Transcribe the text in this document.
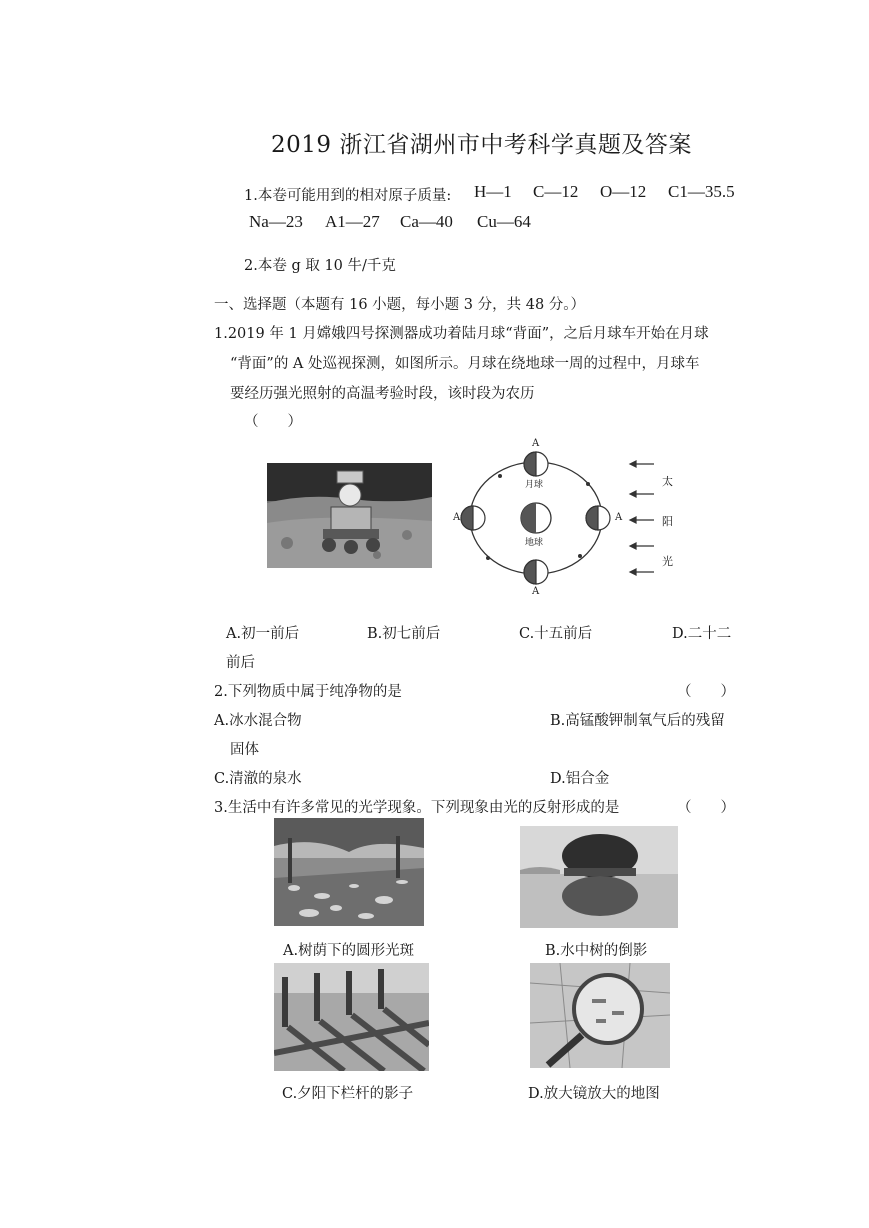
2019 浙江省湖州市中考科学真题及答案
1.本卷可能用到的相对原子质量: H—1 C—12 O—12 C1—35.5
Na—23 A1—27 Ca—40 Cu—64
2.本卷 g 取 10 牛/千克
一、选择题（本题有 16 小题，每小题 3 分，共 48 分。）
1.2019 年 1 月嫦娥四号探测器成功着陆月球“背面”，之后月球车开始在月球
“背面”的 A 处巡视探测，如图所示。月球在绕地球一周的过程中，月球车
要经历强光照射的高温考验时段，该时段为农历
（　　）
A
A
A	A
月球
地球
太
阳
光
A.初一前后	B.初七前后	C.十五前后	D.二十二
前后
2.下列物质中属于纯净物的是	（　　）
A.冰水混合物	B.高锰酸钾制氧气后的残留
固体
C.清澈的泉水	D.铝合金
3.生活中有许多常见的光学现象。下列现象由光的反射形成的是	（　　）
A.树荫下的圆形光斑	B.水中树的倒影
C.夕阳下栏杆的影子	D.放大镜放大的地图
